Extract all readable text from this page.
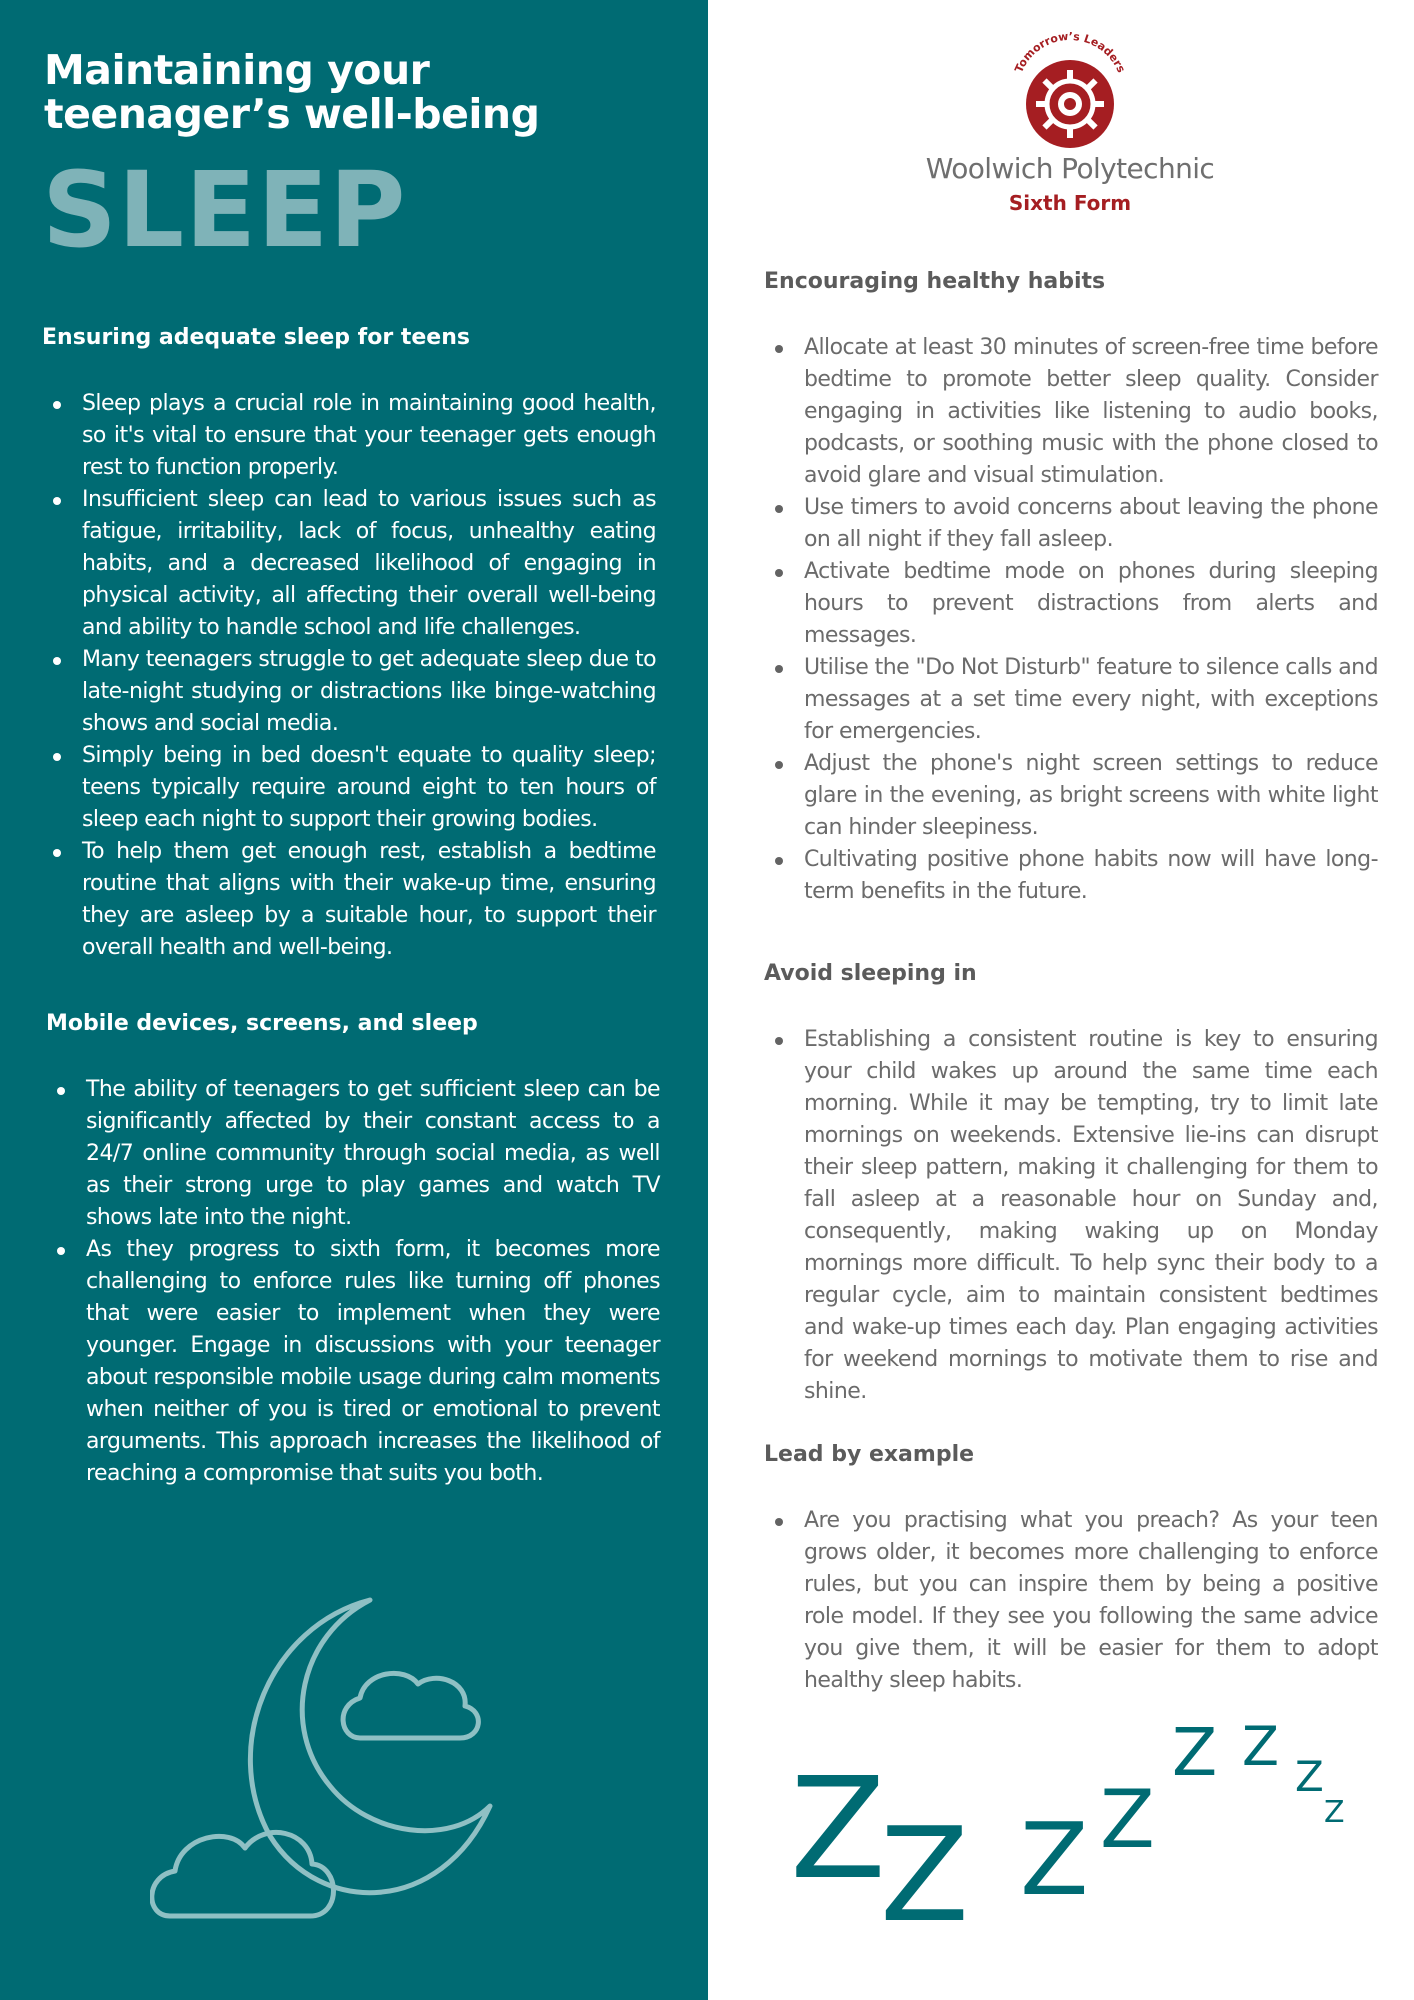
Maintaining your teenager’s well-being
SLEEP
Ensuring adequate sleep for teens
Sleep plays a crucial role in maintaining good health, so it's vital to ensure that your teenager gets enough rest to function properly.
Insufficient sleep can lead to various issues such as fatigue, irritability, lack of focus, unhealthy eating habits, and a decreased likelihood of engaging in physical activity, all affecting their overall well-being and ability to handle school and life challenges.
Many teenagers struggle to get adequate sleep due to late-night studying or distractions like binge-watching shows and social media.
Simply being in bed doesn't equate to quality sleep; teens typically require around eight to ten hours of sleep each night to support their growing bodies.
To help them get enough rest, establish a bedtime routine that aligns with their wake-up time, ensuring they are asleep by a suitable hour, to support their overall health and well-being.
Mobile devices, screens, and sleep
The ability of teenagers to get sufficient sleep can be significantly affected by their constant access to a 24/7 online community through social media, as well as their strong urge to play games and watch TV shows late into the night.
As they progress to sixth form, it becomes more challenging to enforce rules like turning off phones that were easier to implement when they were younger. Engage in discussions with your teenager about responsible mobile usage during calm moments when neither of you is tired or emotional to prevent arguments. This approach increases the likelihood of reaching a compromise that suits you both.
Tomorrow’s Leaders
Woolwich Polytechnic
Sixth Form
Encouraging healthy habits
Allocate at least 30 minutes of screen-free time before bedtime to promote better sleep quality. Consider engaging in activities like listening to audio books, podcasts, or soothing music with the phone closed to avoid glare and visual stimulation.
Use timers to avoid concerns about leaving the phone on all night if they fall asleep.
Activate bedtime mode on phones during sleeping hours to prevent distractions from alerts and messages.
Utilise the "Do Not Disturb" feature to silence calls and messages at a set time every night, with exceptions for emergencies.
Adjust the phone's night screen settings to reduce glare in the evening, as bright screens with white light can hinder sleepiness.
Cultivating positive phone habits now will have long-term benefits in the future.
Avoid sleeping in
Establishing a consistent routine is key to ensuring your child wakes up around the same time each morning. While it may be tempting, try to limit late mornings on weekends. Extensive lie-ins can disrupt their sleep pattern, making it challenging for them to fall asleep at a reasonable hour on Sunday and, consequently, making waking up on Monday mornings more difficult. To help sync their body to a regular cycle, aim to maintain consistent bedtimes and wake-up times each day. Plan engaging activities for weekend mornings to motivate them to rise and shine.
Lead by example
Are you practising what you preach? As your teen grows older, it becomes more challenging to enforce rules, but you can inspire them by being a positive role model. If they see you following the same advice you give them, it will be easier for them to adopt healthy sleep habits.
Z
Z Z Z
Z Z Z
Z
